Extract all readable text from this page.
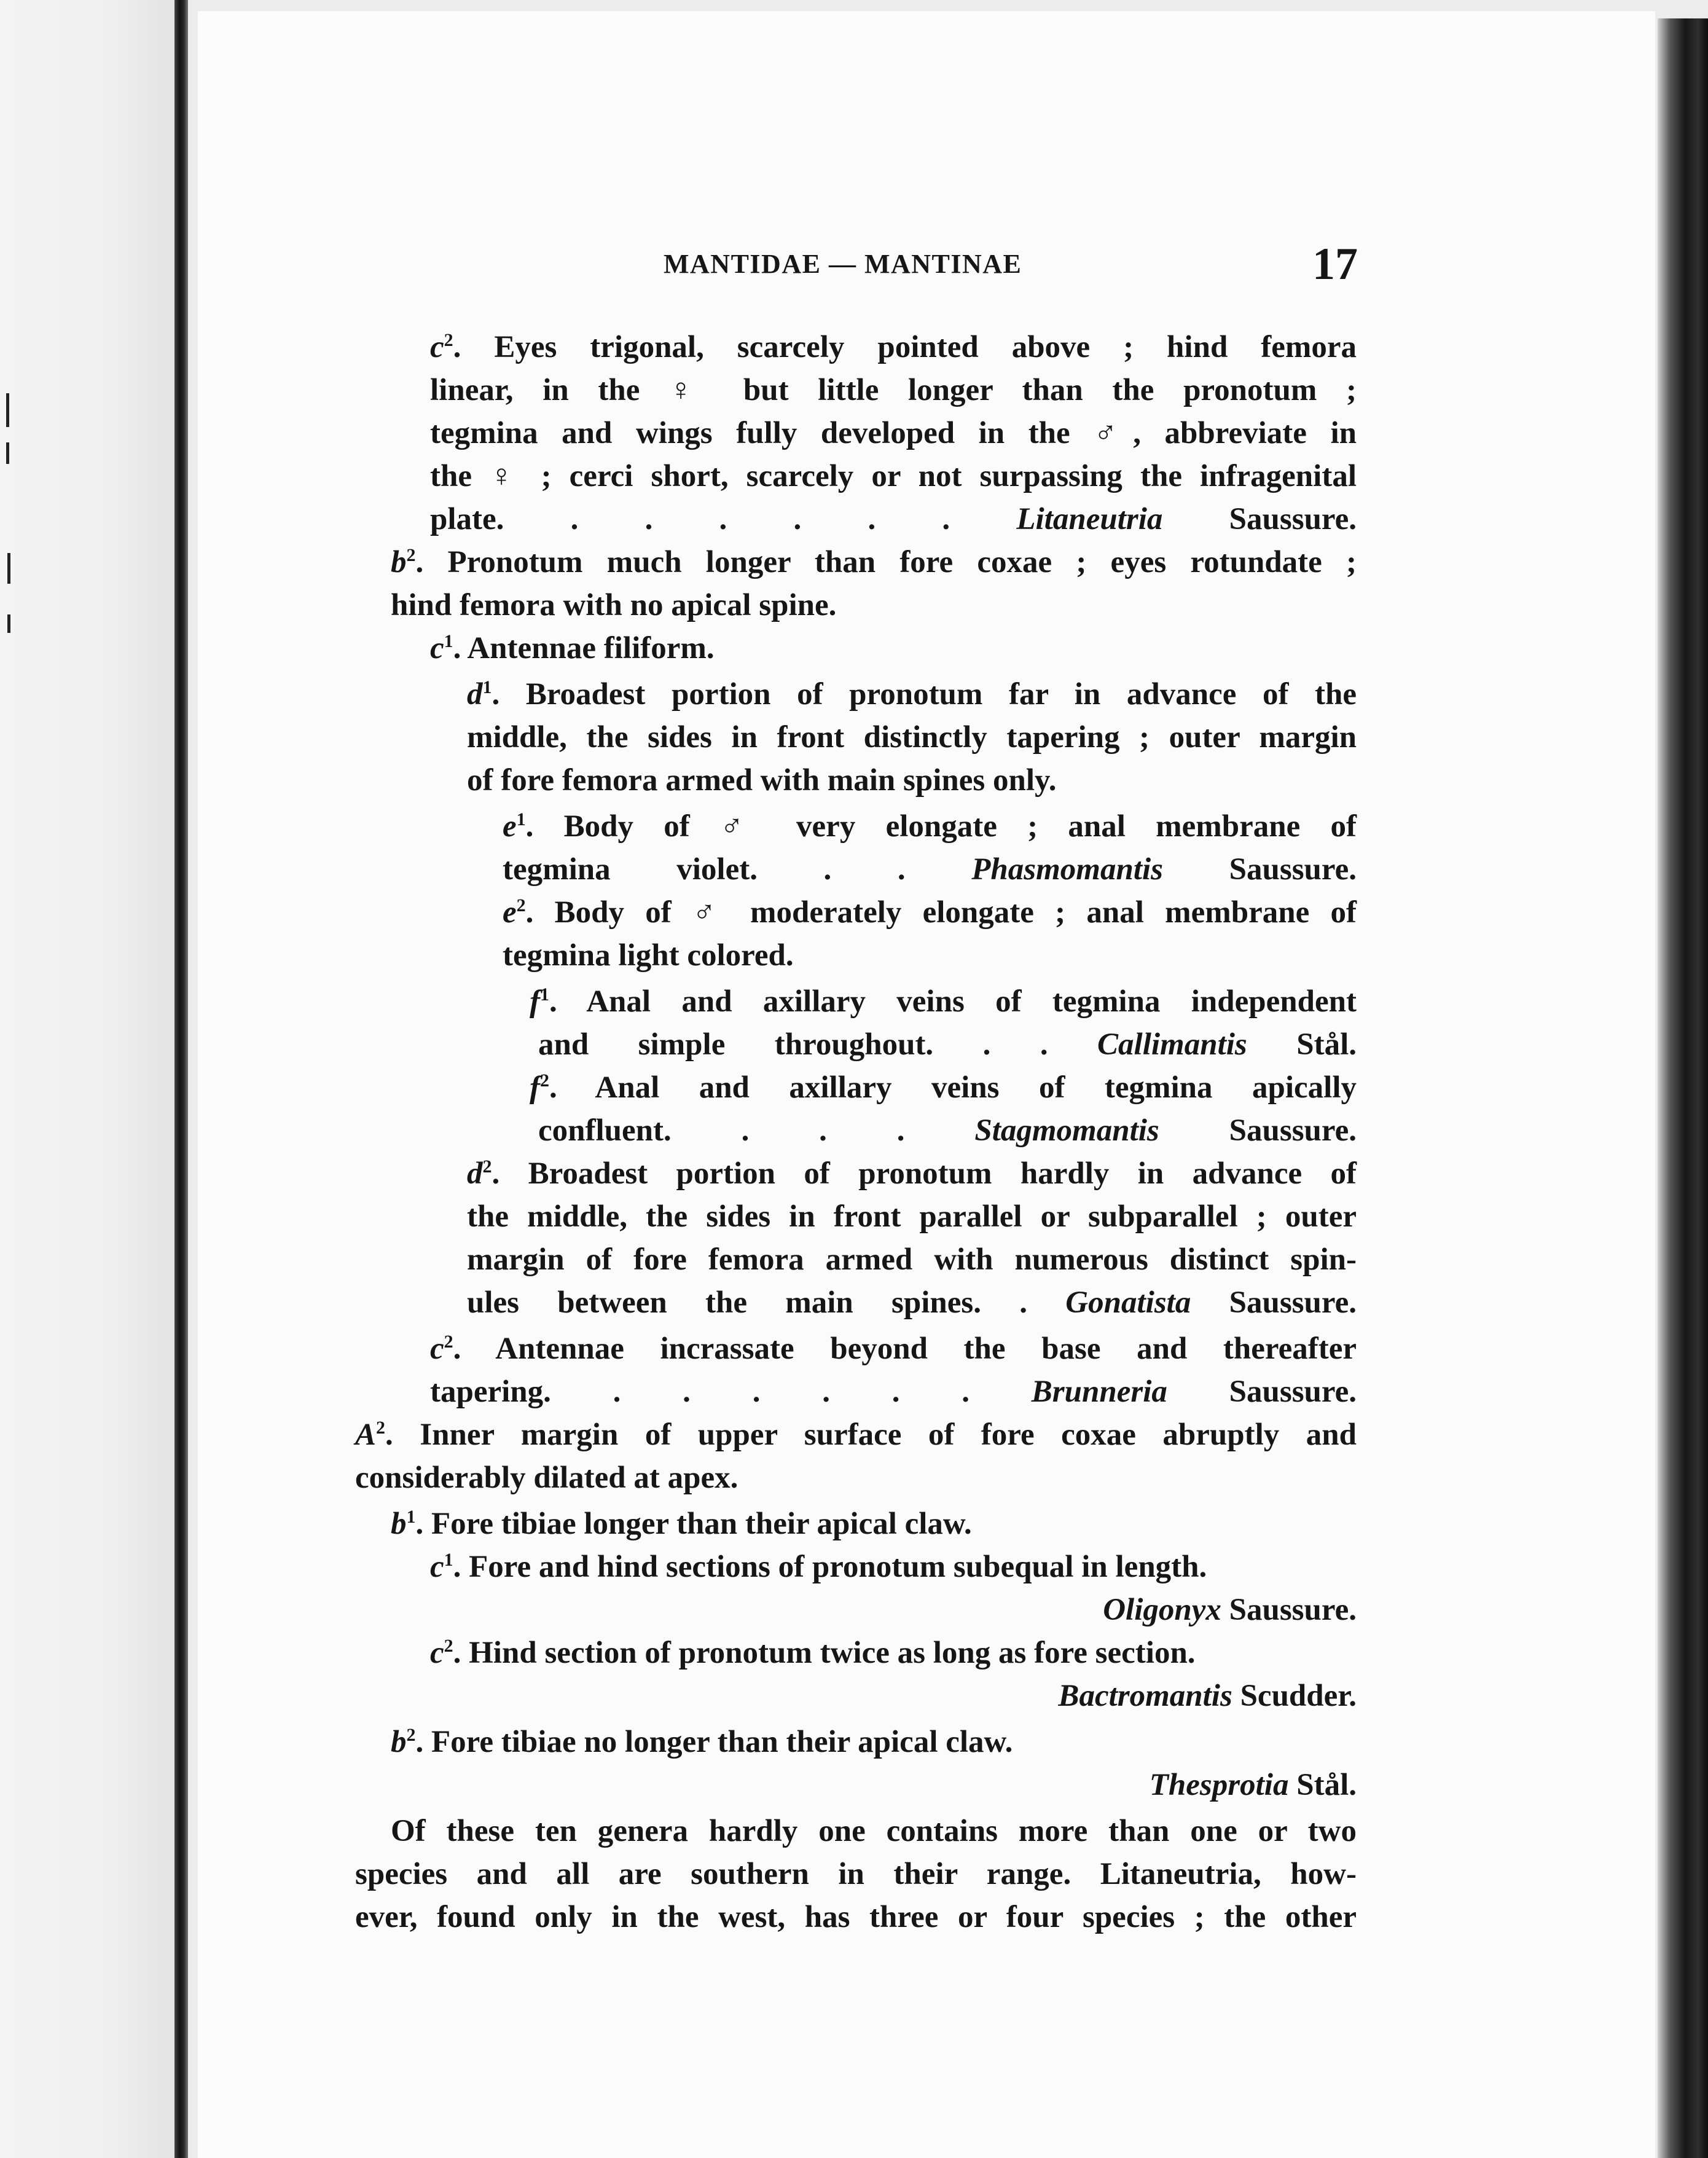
MANTIDAE — MANTINAE	17
$c^2$. Eyes trigonal, scarcely pointed above ; hind femora
linear, in the ♀ but little longer than the pronotum ;
tegmina and wings fully developed in the ♂, abbreviate in
the ♀ ; cerci short, scarcely or not surpassing the infragenital
plate. . . . . . . Litaneutria Saussure.
$b^2$. Pronotum much longer than fore coxae ; eyes rotundate ;
hind femora with no apical spine.
$c^1$. Antennae filiform.
$d^1$. Broadest portion of pronotum far in advance of the
middle, the sides in front distinctly tapering ; outer margin
of fore femora armed with main spines only.
$e^1$. Body of ♂ very elongate ; anal membrane of
tegmina violet. . . Phasmomantis Saussure.
$e^2$. Body of ♂ moderately elongate ; anal membrane of
tegmina light colored.
$f^1$. Anal and axillary veins of tegmina independent
and simple throughout. . . Callimantis Stål.
$f^2$. Anal and axillary veins of tegmina apically
confluent. . . . Stagmomantis Saussure.
$d^2$. Broadest portion of pronotum hardly in advance of
the middle, the sides in front parallel or subparallel ; outer
margin of fore femora armed with numerous distinct spin-
ules between the main spines. . Gonatista Saussure.
$c^2$. Antennae incrassate beyond the base and thereafter
tapering. . . . . . . Brunneria Saussure.
$A^2$. Inner margin of upper surface of fore coxae abruptly and
considerably dilated at apex.
$b^1$. Fore tibiae longer than their apical claw.
$c^1$. Fore and hind sections of pronotum subequal in length.
Oligonyx Saussure.
$c^2$. Hind section of pronotum twice as long as fore section.
Bactromantis Scudder.
$b^2$. Fore tibiae no longer than their apical claw.
Thesprotia Stål.
Of these ten genera hardly one contains more than one or two
species and all are southern in their range. Litaneutria, how-
ever, found only in the west, has three or four species ; the other
